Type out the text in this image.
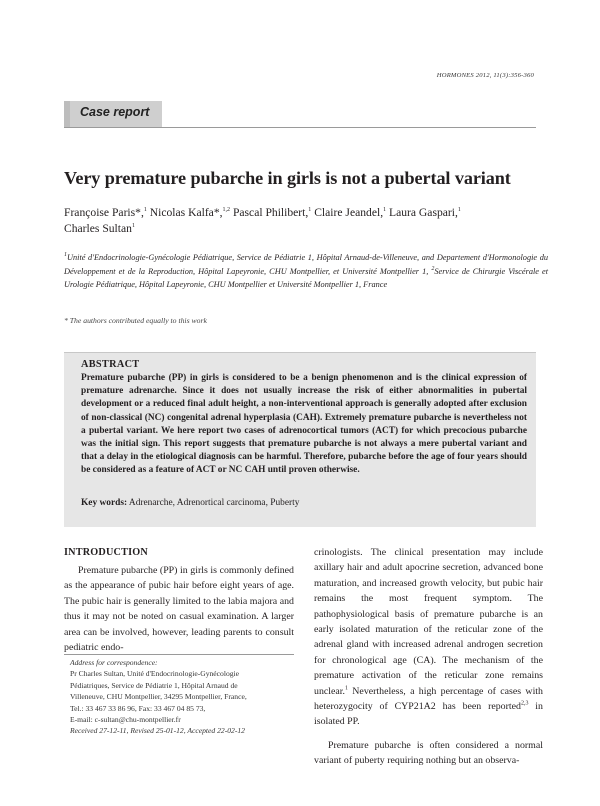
HORMONES 2012, 11(3):356-360
Case report
Very premature pubarche in girls is not a pubertal variant
Françoise Paris*,$^1$ Nicolas Kalfa*,$^{1,2}$ Pascal Philibert,$^1$ Claire Jeandel,$^1$ Laura Gaspari,$^1$
Charles Sultan$^1$
$^1$Unité d'Endocrinologie-Gynécologie Pédiatrique, Service de Pédiatrie 1, Hôpital Arnaud-de-Villeneuve, and Departement d'Hormonologie du Développement et de la Reproduction, Hôpital Lapeyronie, CHU Montpellier, et Université Montpellier 1, $^2$Service de Chirurgie Viscérale et Urologie Pédiatrique, Hôpital Lapeyronie, CHU Montpellier et Université Montpellier 1, France
* The authors contributed equally to this work
ABSTRACT
Premature pubarche (PP) in girls is considered to be a benign phenomenon and is the clinical expression of premature adrenarche. Since it does not usually increase the risk of either abnormalities in pubertal development or a reduced final adult height, a non-interventional approach is generally adopted after exclusion of non-classical (NC) congenital adrenal hyperplasia (CAH). Extremely premature pubarche is nevertheless not a pubertal variant. We here report two cases of adrenocortical tumors (ACT) for which precocious pubarche was the initial sign. This report suggests that premature pubarche is not always a mere pubertal variant and that a delay in the etiological diagnosis can be harmful. Therefore, pubarche before the age of four years should be considered as a feature of ACT or NC CAH until proven otherwise.
Key words: Adrenarche, Adrenortical carcinoma, Puberty
INTRODUCTION

Premature pubarche (PP) in girls is commonly defined as the appearance of pubic hair before eight years of age. The pubic hair is generally limited to the labia majora and thus it may not be noted on casual examination. A larger area can be involved, however, leading parents to consult pediatric endo-

crinologists. The clinical presentation may include axillary hair and adult apocrine secretion, advanced bone maturation, and increased growth velocity, but pubic hair remains the most frequent symptom. The pathophysiological basis of premature pubarche is an early isolated maturation of the reticular zone of the adrenal gland with increased adrenal androgen secretion for chronological age (CA). The mechanism of the premature activation of the reticular zone remains unclear.$^1$ Nevertheless, a high percentage of cases with heterozygocity of CYP21A2 has been reported$^{2,3}$ in isolated PP.

Premature pubarche is often considered a normal variant of puberty requiring nothing but an observa-

Address for correspondence:
Pr Charles Sultan, Unité d'Endocrinologie-Gynécologie
Pédiatriques, Service de Pédiatrie 1, Hôpital Arnaud de
Villeneuve, CHU Montpellier, 34295 Montpellier, France,
Tel.: 33 467 33 86 96, Fax: 33 467 04 85 73,
E-mail: c-sultan@chu-montpellier.fr
Received 27-12-11, Revised 25-01-12, Accepted 22-02-12
